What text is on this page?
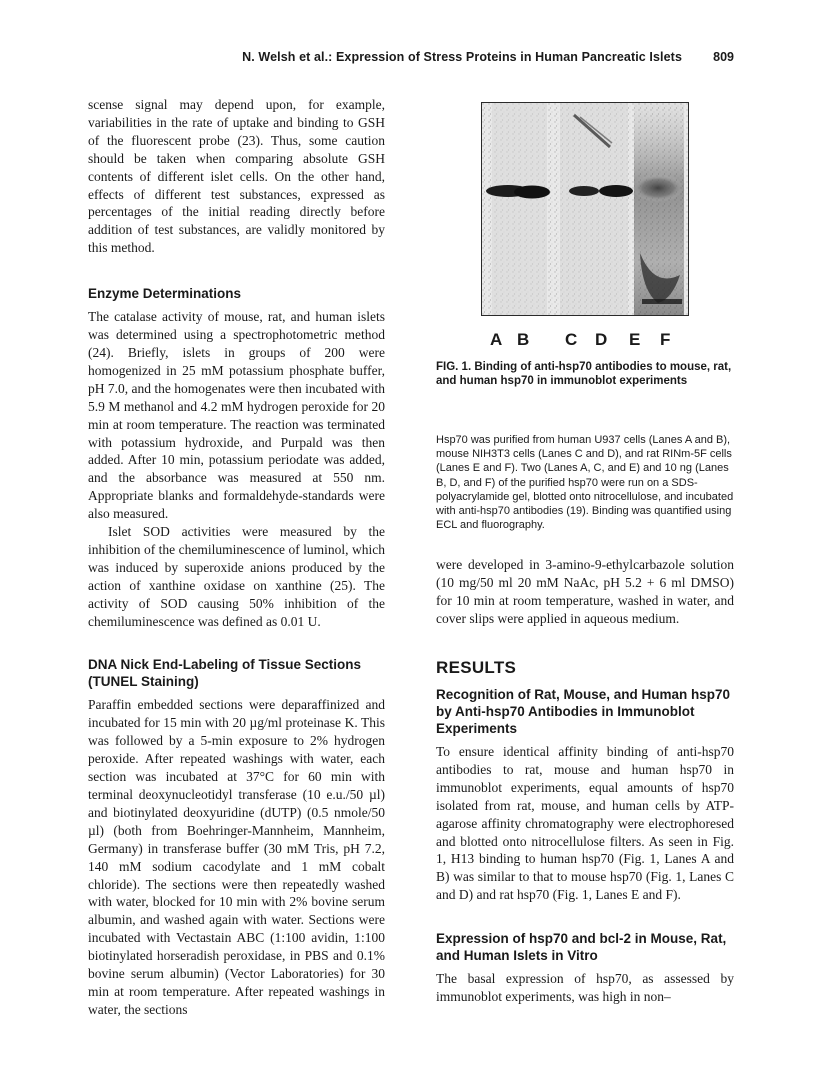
N. Welsh et al.: Expression of Stress Proteins in Human Pancreatic Islets 809

scense signal may depend upon, for example, variabilities in the rate of uptake and binding to GSH of the fluorescent probe (23). Thus, some caution should be taken when comparing absolute GSH contents of different islet cells. On the other hand, effects of different test substances, expressed as percentages of the initial reading directly before addition of test substances, are validly monitored by this method.

Enzyme Determinations

The catalase activity of mouse, rat, and human islets was determined using a spectrophotometric method (24). Briefly, islets in groups of 200 were homogenized in 25 mM potassium phosphate buffer, pH 7.0, and the homogenates were then incubated with 5.9 M methanol and 4.2 mM hydrogen peroxide for 20 min at room temperature. The reaction was terminated with potassium hydroxide, and Purpald was then added. After 10 min, potassium periodate was added, and the absorbance was measured at 550 nm. Appropriate blanks and formaldehyde-standards were also measured.

Islet SOD activities were measured by the inhibition of the chemiluminescence of luminol, which was induced by superoxide anions produced by the action of xanthine oxidase on xanthine (25). The activity of SOD causing 50% inhibition of the chemiluminescence was defined as 0.01 U.

DNA Nick End-Labeling of Tissue Sections (TUNEL Staining)

Paraffin embedded sections were deparaffinized and incubated for 15 min with 20 µg/ml proteinase K. This was followed by a 5-min exposure to 2% hydrogen peroxide. After repeated washings with water, each section was incubated at 37°C for 60 min with terminal deoxynucleotidyl transferase (10 e.u./50 µl) and biotinylated deoxyuridine (dUTP) (0.5 nmole/50 µl) (both from Boehringer-Mannheim, Mannheim, Germany) in transferase buffer (30 mM Tris, pH 7.2, 140 mM sodium cacodylate and 1 mM cobalt chloride). The sections were then repeatedly washed with water, blocked for 10 min with 2% bovine serum albumin, and washed again with water. Sections were incubated with Vectastain ABC (1:100 avidin, 1:100 biotinylated horseradish peroxidase, in PBS and 0.1% bovine serum albumin) (Vector Laboratories) for 30 min at room temperature. After repeated washings in water, the sections

A B C D E F

FIG. 1. Binding of anti-hsp70 antibodies to mouse, rat, and human hsp70 in immunoblot experiments

Hsp70 was purified from human U937 cells (Lanes A and B), mouse NIH3T3 cells (Lanes C and D), and rat RINm-5F cells (Lanes E and F). Two (Lanes A, C, and E) and 10 ng (Lanes B, D, and F) of the purified hsp70 were run on a SDS-polyacrylamide gel, blotted onto nitrocellulose, and incubated with anti-hsp70 antibodies (19). Binding was quantified using ECL and fluorography.

were developed in 3-amino-9-ethylcarbazole solution (10 mg/50 ml 20 mM NaAc, pH 5.2 + 6 ml DMSO) for 10 min at room temperature, washed in water, and cover slips were applied in aqueous medium.

RESULTS
Recognition of Rat, Mouse, and Human hsp70 by Anti-hsp70 Antibodies in Immunoblot Experiments

To ensure identical affinity binding of anti-hsp70 antibodies to rat, mouse and human hsp70 in immunoblot experiments, equal amounts of hsp70 isolated from rat, mouse, and human cells by ATP-agarose affinity chromatography were electrophoresed and blotted onto nitrocellulose filters. As seen in Fig. 1, H13 binding to human hsp70 (Fig. 1, Lanes A and B) was similar to that to mouse hsp70 (Fig. 1, Lanes C and D) and rat hsp70 (Fig. 1, Lanes E and F).

Expression of hsp70 and bcl-2 in Mouse, Rat, and Human Islets in Vitro

The basal expression of hsp70, as assessed by immunoblot experiments, was high in non–
